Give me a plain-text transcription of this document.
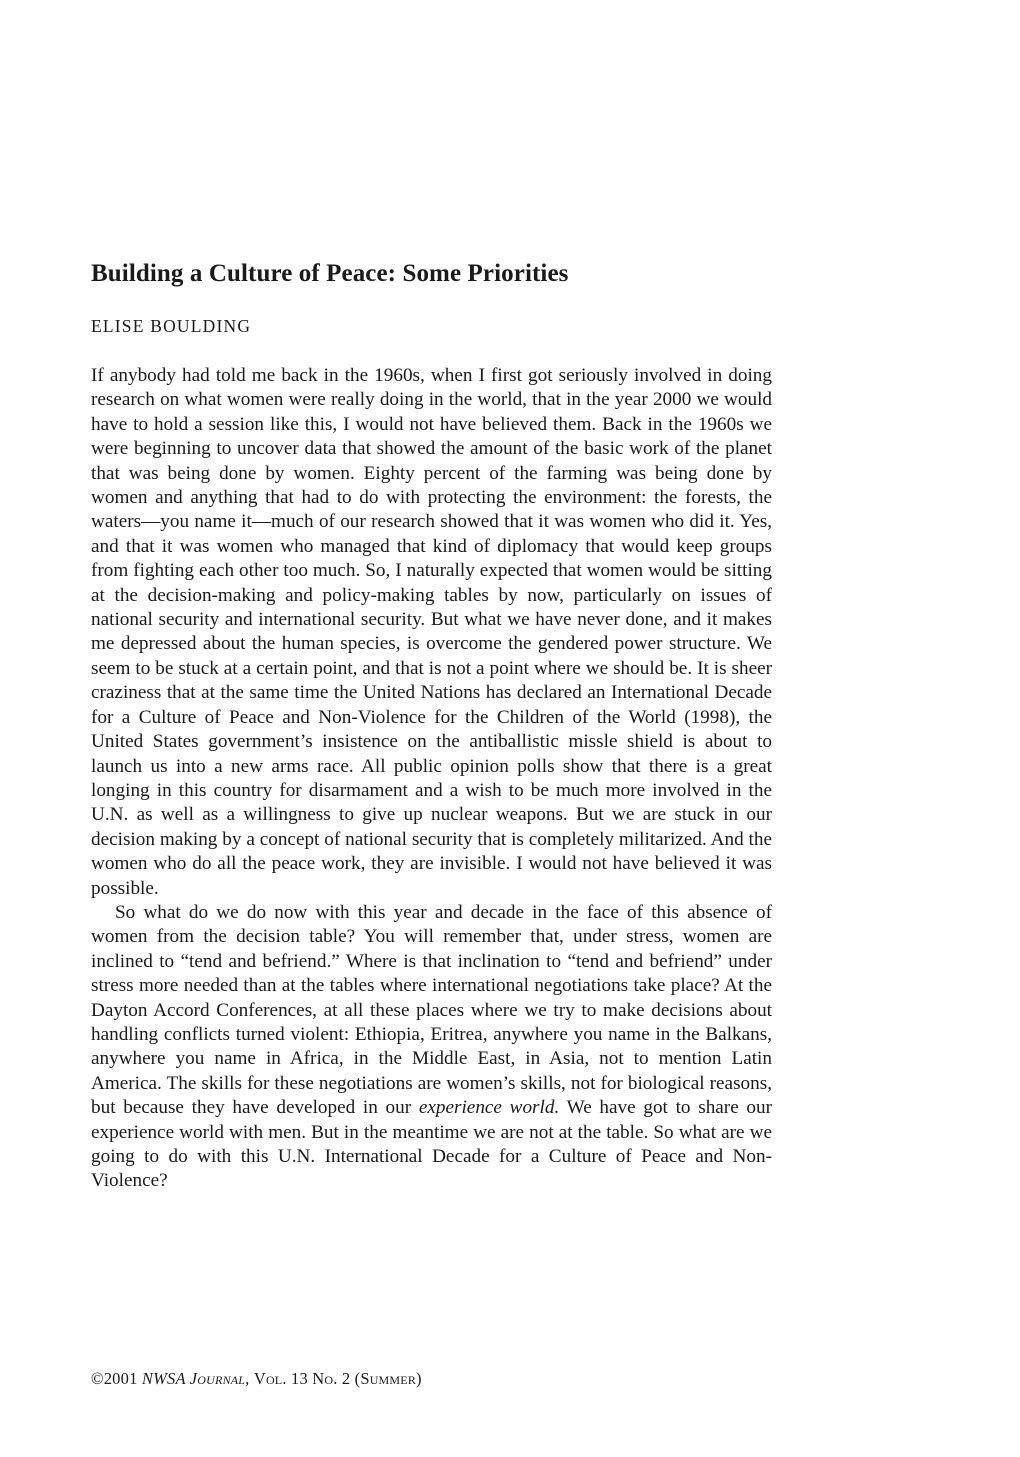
Building a Culture of Peace: Some Priorities
ELISE BOULDING

If anybody had told me back in the 1960s, when I first got seriously involved in doing research on what women were really doing in the world, that in the year 2000 we would have to hold a session like this, I would not have believed them. Back in the 1960s we were beginning to uncover data that showed the amount of the basic work of the planet that was being done by women. Eighty percent of the farming was being done by women and anything that had to do with protecting the environment: the forests, the waters—you name it—much of our research showed that it was women who did it. Yes, and that it was women who managed that kind of diplomacy that would keep groups from fighting each other too much. So, I naturally expected that women would be sitting at the decision-making and policy-making tables by now, particularly on issues of national security and international security. But what we have never done, and it makes me depressed about the human species, is overcome the gendered power structure. We seem to be stuck at a certain point, and that is not a point where we should be. It is sheer craziness that at the same time the United Nations has declared an International Decade for a Culture of Peace and Non-Violence for the Children of the World (1998), the United States government’s insistence on the antiballistic missle shield is about to launch us into a new arms race. All public opinion polls show that there is a great longing in this country for disarmament and a wish to be much more involved in the U.N. as well as a willingness to give up nuclear weapons. But we are stuck in our decision making by a concept of national security that is completely militarized. And the women who do all the peace work, they are invisible. I would not have believed it was possible.

So what do we do now with this year and decade in the face of this absence of women from the decision table? You will remember that, under stress, women are inclined to “tend and befriend.” Where is that inclination to “tend and befriend” under stress more needed than at the tables where international negotiations take place? At the Dayton Accord Conferences, at all these places where we try to make decisions about handling conflicts turned violent: Ethiopia, Eritrea, anywhere you name in the Balkans, anywhere you name in Africa, in the Middle East, in Asia, not to mention Latin America. The skills for these negotiations are women’s skills, not for biological reasons, but because they have developed in our experience world. We have got to share our experience world with men. But in the meantime we are not at the table. So what are we going to do with this U.N. International Decade for a Culture of Peace and Non-Violence?

©2001 NWSA Journal, Vol. 13 No. 2 (Summer)
